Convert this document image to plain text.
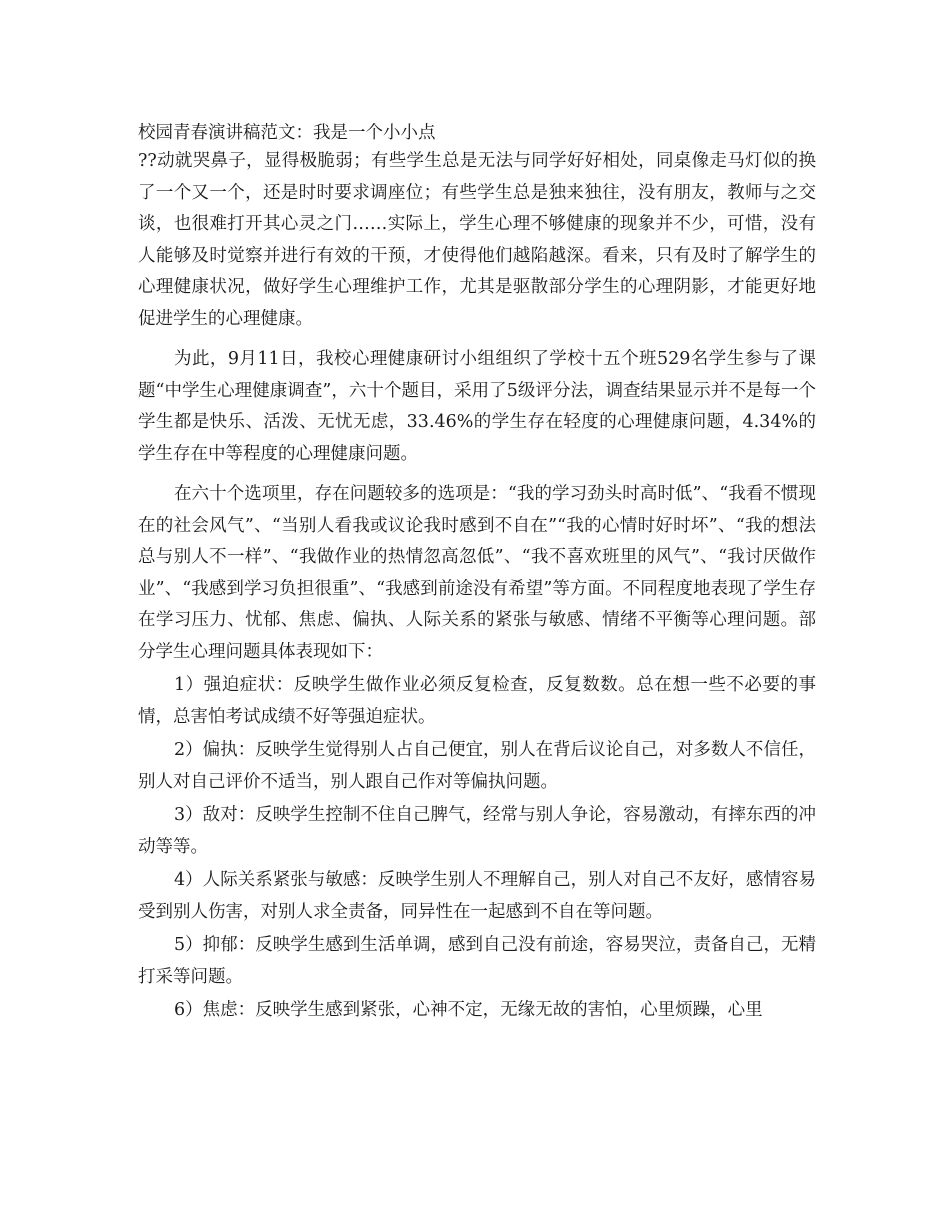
校园青春演讲稿范文：我是一个小小点

??动就哭鼻子，显得极脆弱；有些学生总是无法与同学好好相处，同桌像走马灯似的换了一个又一个，还是时时要求调座位；有些学生总是独来独往，没有朋友，教师与之交谈，也很难打开其心灵之门……实际上，学生心理不够健康的现象并不少，可惜，没有人能够及时觉察并进行有效的干预，才使得他们越陷越深。看来，只有及时了解学生的心理健康状况，做好学生心理维护工作，尤其是驱散部分学生的心理阴影，才能更好地促进学生的心理健康。

为此，9月11日，我校心理健康研讨小组组织了学校十五个班529名学生参与了课题“中学生心理健康调查”，六十个题目，采用了5级评分法，调查结果显示并不是每一个学生都是快乐、活泼、无忧无虑，33.46%的学生存在轻度的心理健康问题，4.34%的学生存在中等程度的心理健康问题。

在六十个选项里，存在问题较多的选项是：“我的学习劲头时高时低”、“我看不惯现在的社会风气”、“当别人看我或议论我时感到不自在”“我的心情时好时坏”、“我的想法总与别人不一样”、“我做作业的热情忽高忽低”、“我不喜欢班里的风气”、“我讨厌做作业”、“我感到学习负担很重”、“我感到前途没有希望”等方面。不同程度地表现了学生存在学习压力、忧郁、焦虑、偏执、人际关系的紧张与敏感、情绪不平衡等心理问题。部分学生心理问题具体表现如下：

1）强迫症状：反映学生做作业必须反复检查，反复数数。总在想一些不必要的事情，总害怕考试成绩不好等强迫症状。

2）偏执：反映学生觉得别人占自己便宜，别人在背后议论自己，对多数人不信任，别人对自己评价不适当，别人跟自己作对等偏执问题。

3）敌对：反映学生控制不住自己脾气，经常与别人争论，容易激动，有摔东西的冲动等等。

4）人际关系紧张与敏感：反映学生别人不理解自己，别人对自己不友好，感情容易受到别人伤害，对别人求全责备，同异性在一起感到不自在等问题。

5）抑郁：反映学生感到生活单调，感到自己没有前途，容易哭泣，责备自己，无精打采等问题。

6）焦虑：反映学生感到紧张，心神不定，无缘无故的害怕，心里烦躁，心里
